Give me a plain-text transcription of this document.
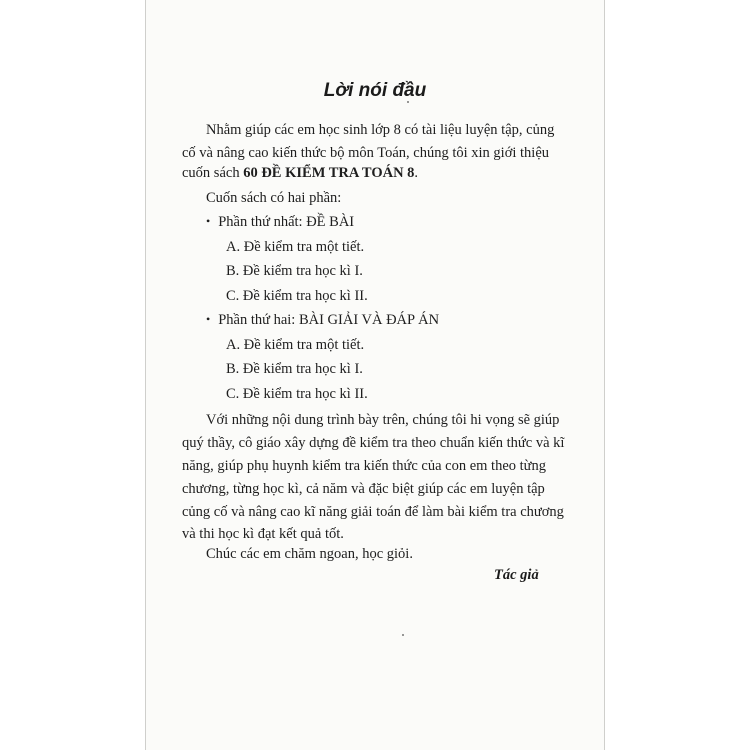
Lời nói đầu
Nhằm giúp các em học sinh lớp 8 có tài liệu luyện tập, củng
cố và nâng cao kiến thức bộ môn Toán, chúng tôi xin giới thiệu
cuốn sách 60 ĐỀ KIỂM TRA TOÁN 8.
Cuốn sách có hai phần:
• Phần thứ nhất: ĐỀ BÀI
A. Đề kiểm tra một tiết.
B. Đề kiểm tra học kì I.
C. Đề kiểm tra học kì II.
• Phần thứ hai: BÀI GIẢI VÀ ĐÁP ÁN
A. Đề kiểm tra một tiết.
B. Đề kiểm tra học kì I.
C. Đề kiểm tra học kì II.
Với những nội dung trình bày trên, chúng tôi hi vọng sẽ giúp
quý thầy, cô giáo xây dựng đề kiểm tra theo chuẩn kiến thức và kĩ
năng, giúp phụ huynh kiểm tra kiến thức của con em theo từng
chương, từng học kì, cả năm và đặc biệt giúp các em luyện tập
củng cố và nâng cao kĩ năng giải toán để làm bài kiểm tra chương
và thi học kì đạt kết quả tốt.
Chúc các em chăm ngoan, học giỏi.
Tác giả
